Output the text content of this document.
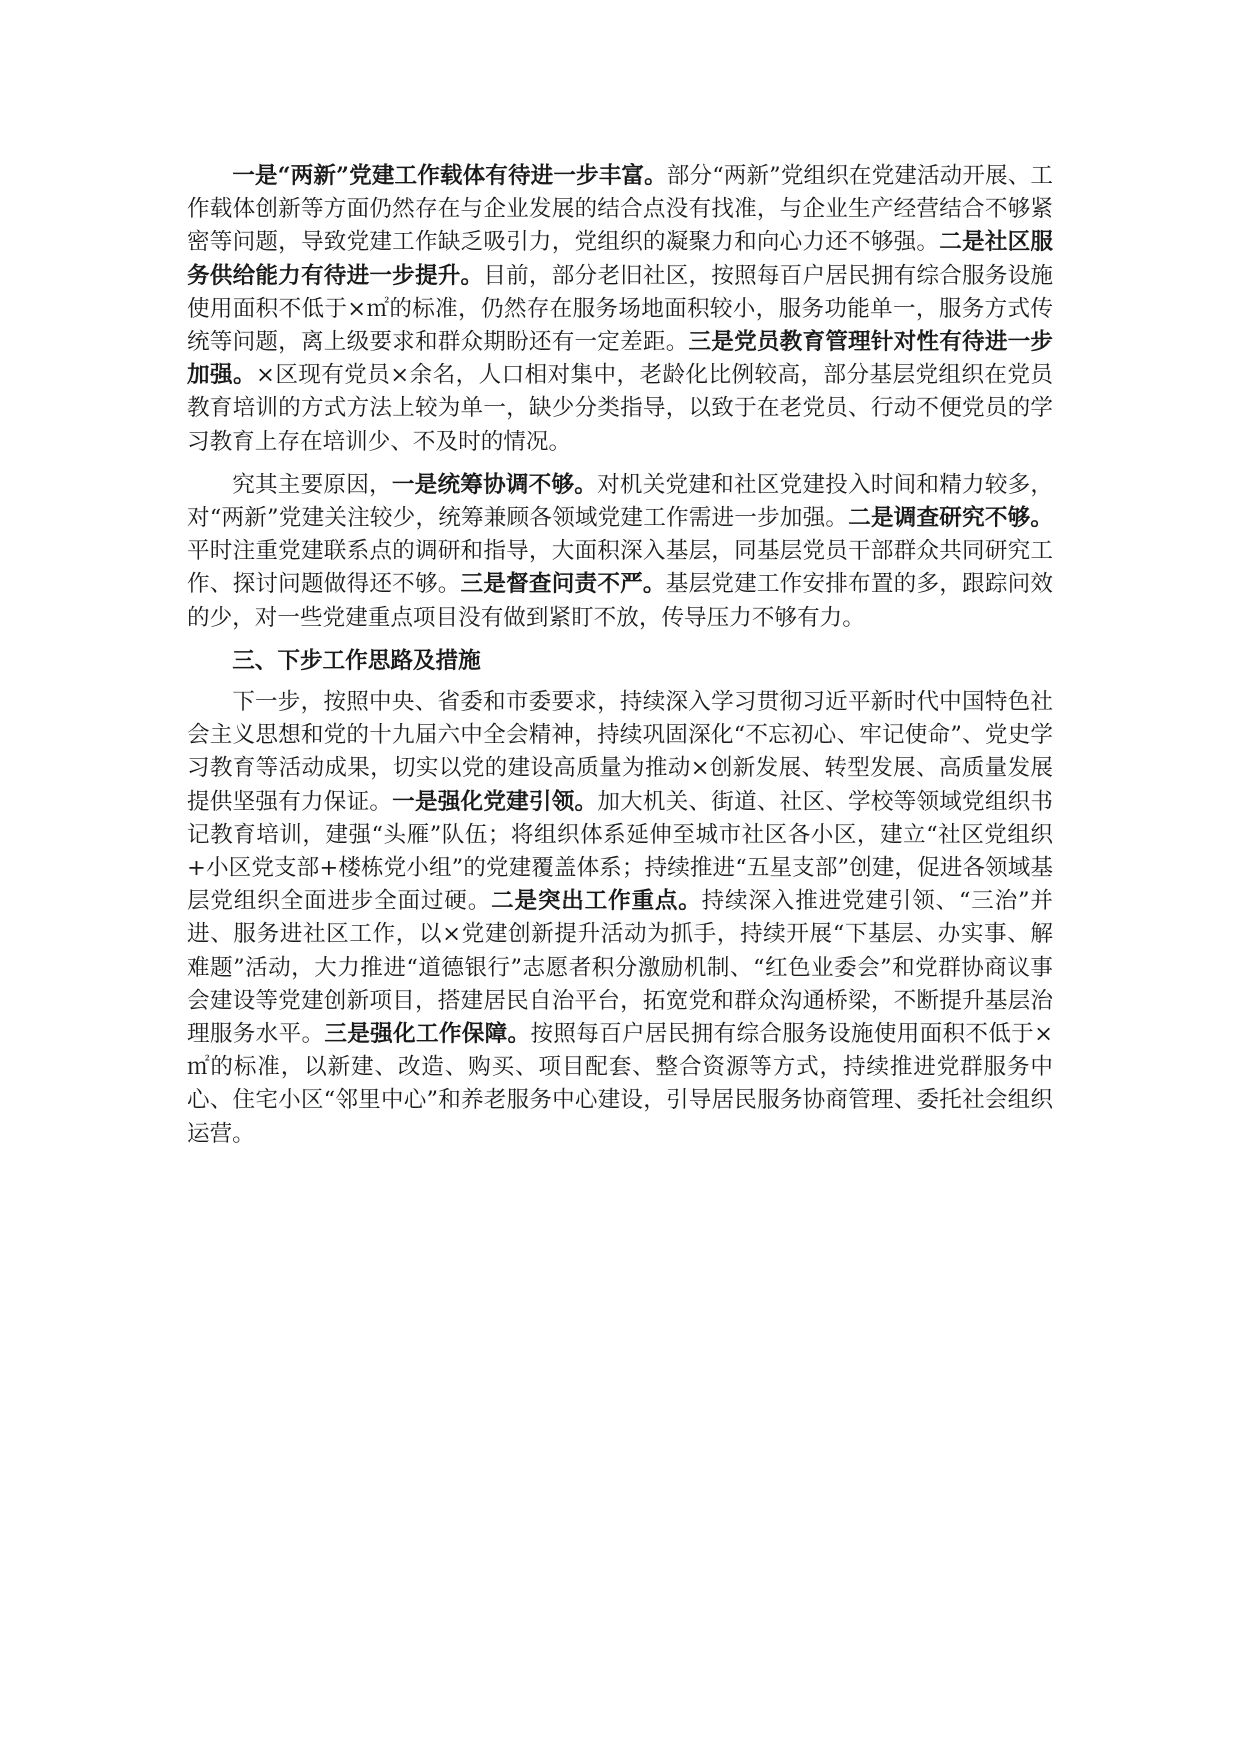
一是“两新”党建工作载体有待进一步丰富。部分“两新”党组织在党建活动开展、工作载体创新等方面仍然存在与企业发展的结合点没有找准，与企业生产经营结合不够紧密等问题，导致党建工作缺乏吸引力，党组织的凝聚力和向心力还不够强。二是社区服务供给能力有待进一步提升。目前，部分老旧社区，按照每百户居民拥有综合服务设施使用面积不低于×㎡的标准，仍然存在服务场地面积较小，服务功能单一，服务方式传统等问题，离上级要求和群众期盼还有一定差距。三是党员教育管理针对性有待进一步加强。×区现有党员×余名，人口相对集中，老龄化比例较高，部分基层党组织在党员教育培训的方式方法上较为单一，缺少分类指导，以致于在老党员、行动不便党员的学习教育上存在培训少、不及时的情况。

究其主要原因，一是统筹协调不够。对机关党建和社区党建投入时间和精力较多，对“两新”党建关注较少，统筹兼顾各领域党建工作需进一步加强。二是调查研究不够。平时注重党建联系点的调研和指导，大面积深入基层，同基层党员干部群众共同研究工作、探讨问题做得还不够。三是督查问责不严。基层党建工作安排布置的多，跟踪问效的少，对一些党建重点项目没有做到紧盯不放，传导压力不够有力。

三、下步工作思路及措施

下一步，按照中央、省委和市委要求，持续深入学习贯彻习近平新时代中国特色社会主义思想和党的十九届六中全会精神，持续巩固深化“不忘初心、牢记使命”、党史学习教育等活动成果，切实以党的建设高质量为推动×创新发展、转型发展、高质量发展提供坚强有力保证。一是强化党建引领。加大机关、街道、社区、学校等领域党组织书记教育培训，建强“头雁”队伍；将组织体系延伸至城市社区各小区，建立“社区党组织+小区党支部+楼栋党小组”的党建覆盖体系；持续推进“五星支部”创建，促进各领域基层党组织全面进步全面过硬。二是突出工作重点。持续深入推进党建引领、“三治”并进、服务进社区工作，以×党建创新提升活动为抓手，持续开展“下基层、办实事、解难题”活动，大力推进“道德银行”志愿者积分激励机制、“红色业委会”和党群协商议事会建设等党建创新项目，搭建居民自治平台，拓宽党和群众沟通桥梁，不断提升基层治理服务水平。三是强化工作保障。按照每百户居民拥有综合服务设施使用面积不低于×㎡的标准，以新建、改造、购买、项目配套、整合资源等方式，持续推进党群服务中心、住宅小区“邻里中心”和养老服务中心建设，引导居民服务协商管理、委托社会组织运营。
